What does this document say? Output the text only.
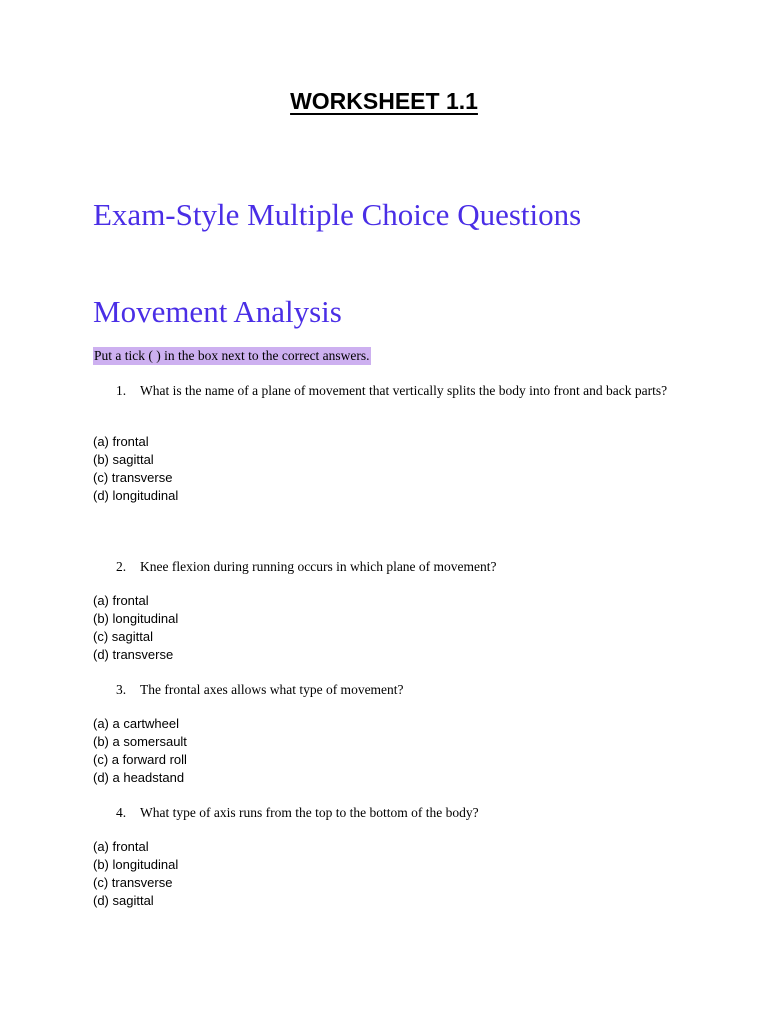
WORKSHEET 1.1
Exam-Style Multiple Choice Questions
Movement Analysis

Put a tick ( ) in the box next to the correct answers.

1.	What is the name of a plane of movement that vertically splits the body into front and back parts?
(a) frontal
(b) sagittal
(c) transverse
(d) longitudinal
2.	Knee flexion during running occurs in which plane of movement?
(a) frontal
(b) longitudinal
(c) sagittal
(d) transverse
3.	The frontal axes allows what type of movement?
(a) a cartwheel
(b) a somersault
(c) a forward roll
(d) a headstand
4.	What type of axis runs from the top to the bottom of the body?
(a) frontal
(b) longitudinal
(c) transverse
(d) sagittal
